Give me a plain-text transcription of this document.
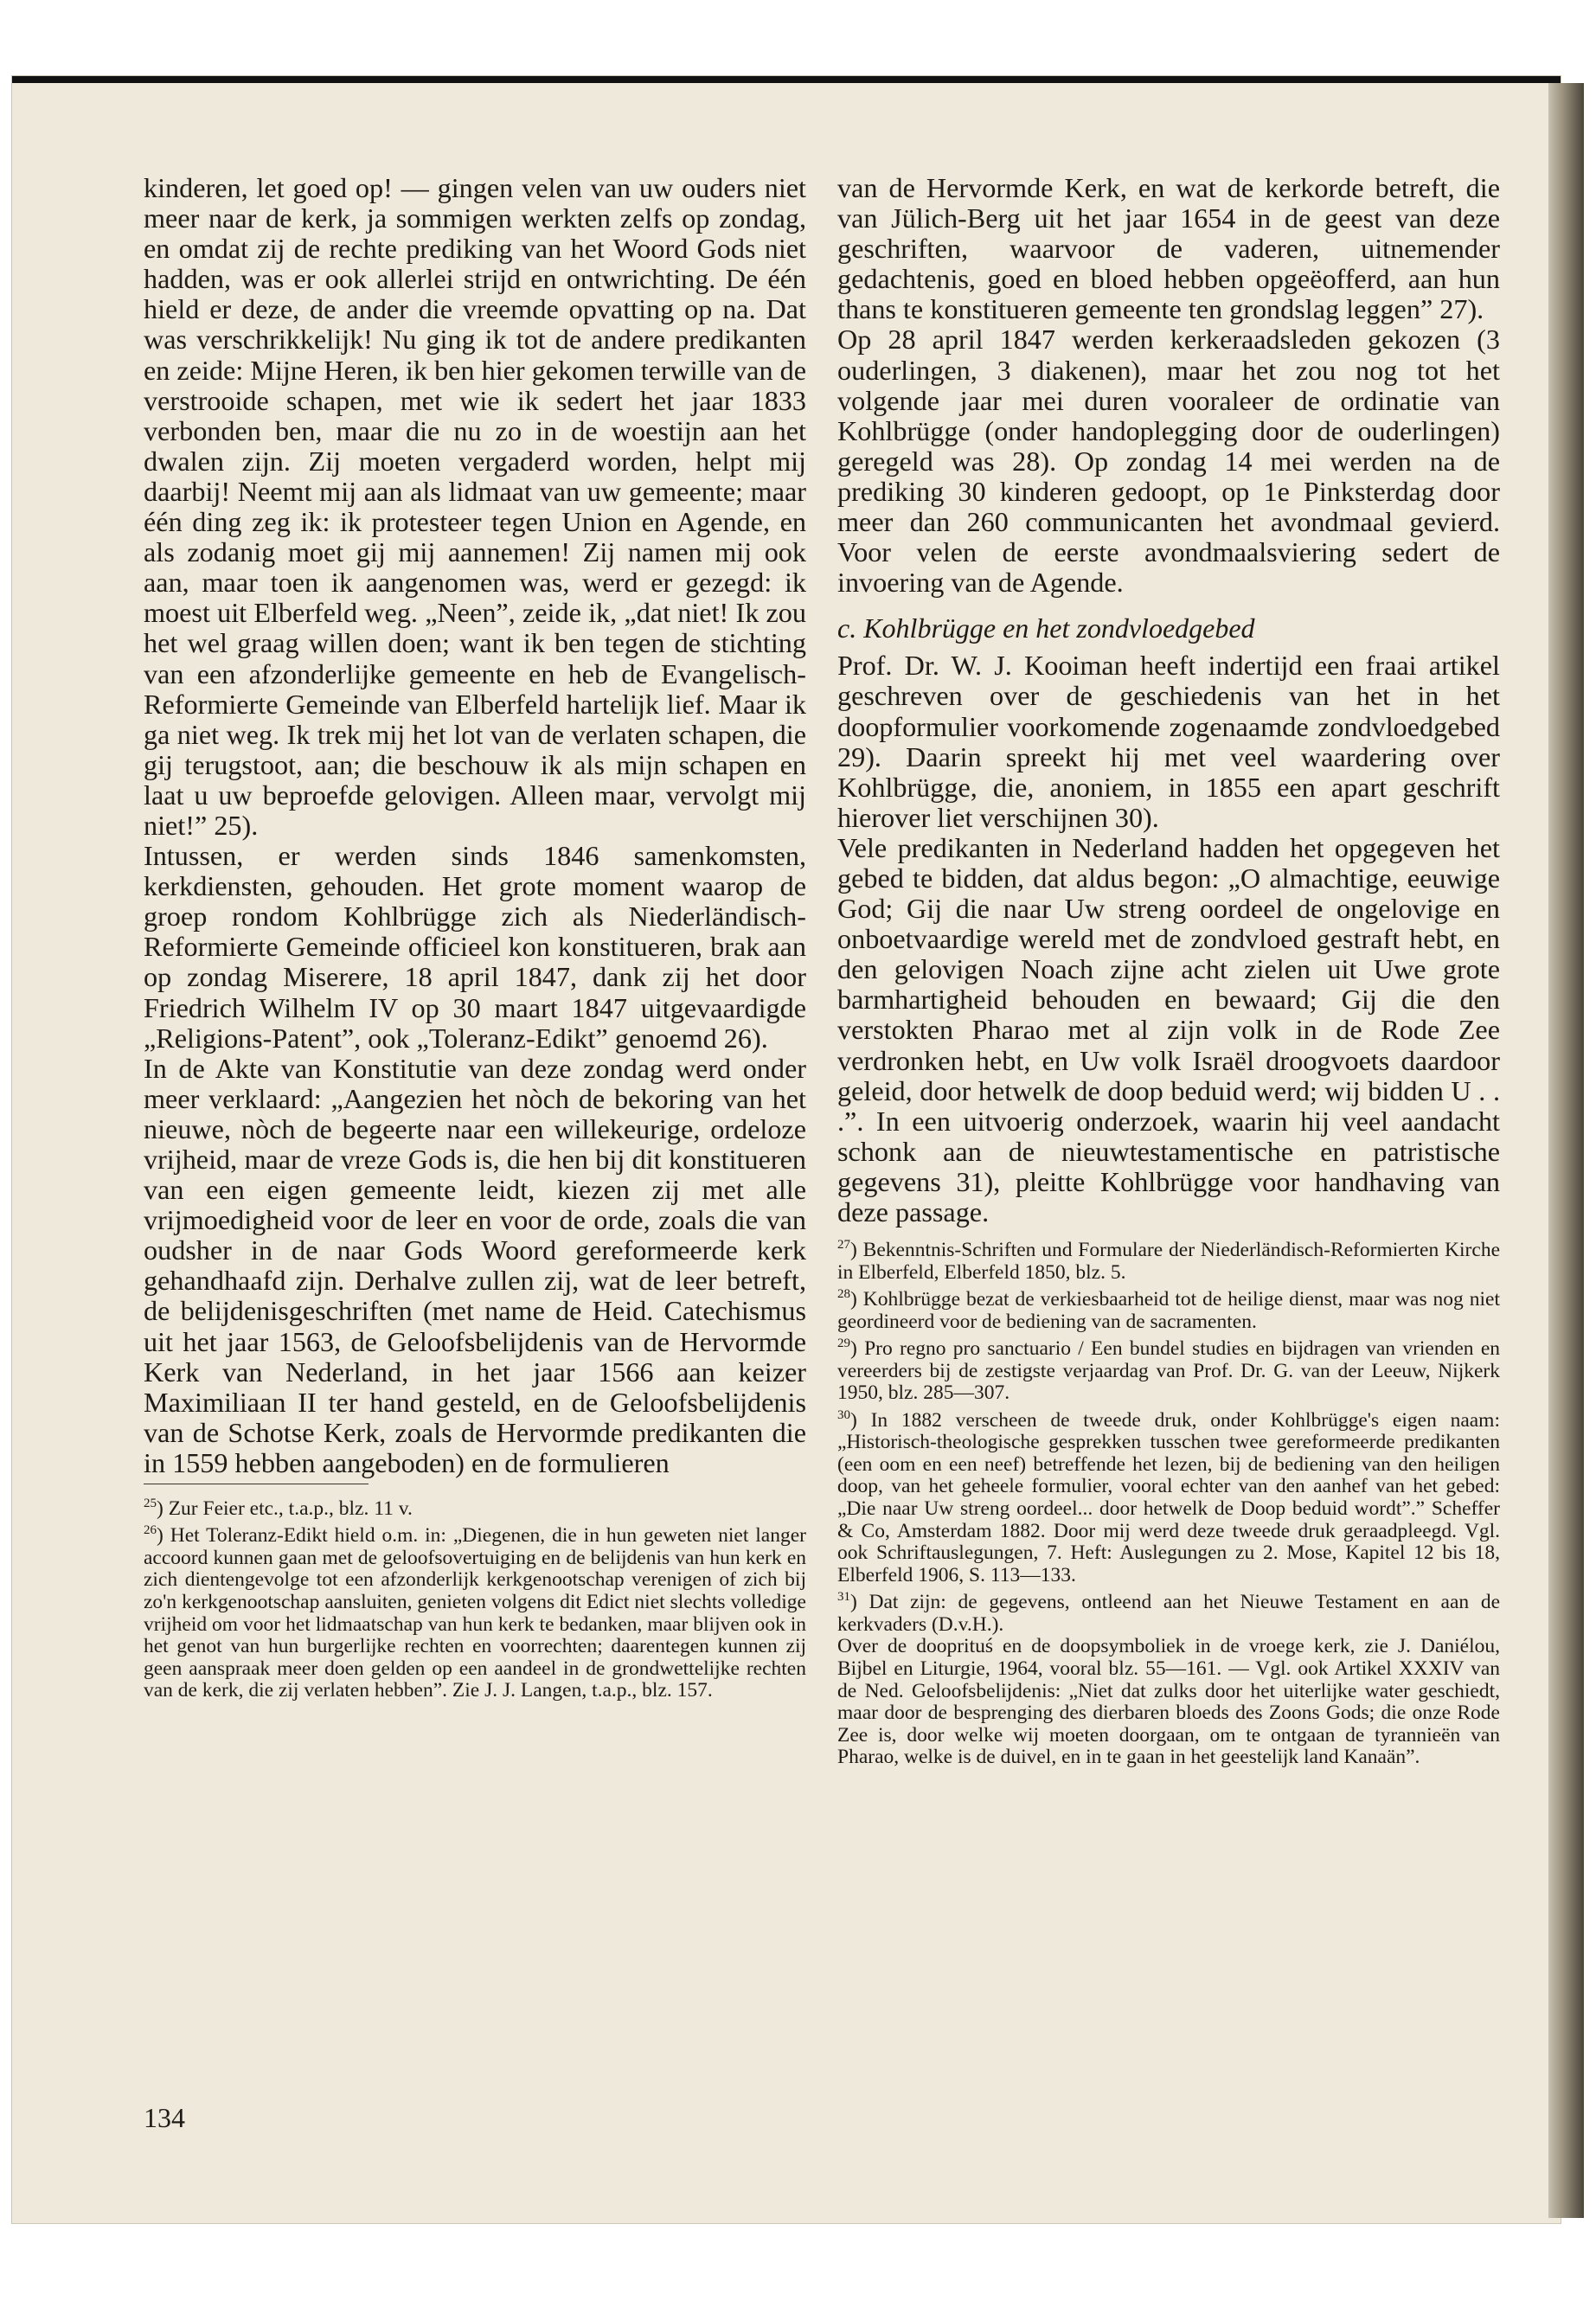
kinderen, let goed op! — gingen velen van uw ouders niet meer naar de kerk, ja sommigen werkten zelfs op zondag, en omdat zij de rechte prediking van het Woord Gods niet hadden, was er ook allerlei strijd en ontwrichting. De één hield er deze, de ander die vreemde opvatting op na. Dat was verschrikkelijk! Nu ging ik tot de andere predikanten en zeide: Mijne Heren, ik ben hier gekomen terwille van de verstrooide schapen, met wie ik sedert het jaar 1833 verbonden ben, maar die nu zo in de woestijn aan het dwalen zijn. Zij moeten vergaderd worden, helpt mij daarbij! Neemt mij aan als lidmaat van uw gemeente; maar één ding zeg ik: ik protesteer tegen Union en Agende, en als zodanig moet gij mij aannemen! Zij namen mij ook aan, maar toen ik aangenomen was, werd er gezegd: ik moest uit Elberfeld weg. „Neen”, zeide ik, „dat niet! Ik zou het wel graag willen doen; want ik ben tegen de stichting van een afzonderlijke gemeente en heb de Evangelisch-Reformierte Gemeinde van Elberfeld hartelijk lief. Maar ik ga niet weg. Ik trek mij het lot van de verlaten schapen, die gij terugstoot, aan; die beschouw ik als mijn schapen en laat u uw beproefde gelovigen. Alleen maar, vervolgt mij niet!” 25).

Intussen, er werden sinds 1846 samenkomsten, kerkdiensten, gehouden. Het grote moment waarop de groep rondom Kohlbrügge zich als Niederländisch-Reformierte Gemeinde officieel kon konstitueren, brak aan op zondag Miserere, 18 april 1847, dank zij het door Friedrich Wilhelm IV op 30 maart 1847 uitgevaardigde „Religions-Patent”, ook „Toleranz-Edikt” genoemd 26).

In de Akte van Konstitutie van deze zondag werd onder meer verklaard: „Aangezien het nòch de bekoring van het nieuwe, nòch de begeerte naar een willekeurige, ordeloze vrijheid, maar de vreze Gods is, die hen bij dit konstitueren van een eigen gemeente leidt, kiezen zij met alle vrijmoedigheid voor de leer en voor de orde, zoals die van oudsher in de naar Gods Woord gereformeerde kerk gehandhaafd zijn. Derhalve zullen zij, wat de leer betreft, de belijdenisgeschriften (met name de Heid. Catechismus uit het jaar 1563, de Geloofsbelijdenis van de Hervormde Kerk van Nederland, in het jaar 1566 aan keizer Maximiliaan II ter hand gesteld, en de Geloofsbelijdenis van de Schotse Kerk, zoals de Hervormde predikanten die in 1559 hebben aangeboden) en de formulieren

$^{25}$) Zur Feier etc., t.a.p., blz. 11 v.

$^{26}$) Het Toleranz-Edikt hield o.m. in: „Diegenen, die in hun geweten niet langer accoord kunnen gaan met de geloofsovertuiging en de belijdenis van hun kerk en zich dientengevolge tot een afzonderlijk kerkgenootschap verenigen of zich bij zo'n kerkgenootschap aansluiten, genieten volgens dit Edict niet slechts volledige vrijheid om voor het lidmaatschap van hun kerk te bedanken, maar blijven ook in het genot van hun burgerlijke rechten en voorrechten; daarentegen kunnen zij geen aanspraak meer doen gelden op een aandeel in de grondwettelijke rechten van de kerk, die zij verlaten hebben”. Zie J. J. Langen, t.a.p., blz. 157.

134

van de Hervormde Kerk, en wat de kerkorde betreft, die van Jülich-Berg uit het jaar 1654 in de geest van deze geschriften, waarvoor de vaderen, uitnemender gedachtenis, goed en bloed hebben opgeëofferd, aan hun thans te konstitueren gemeente ten grondslag leggen” 27).

Op 28 april 1847 werden kerkeraadsleden gekozen (3 ouderlingen, 3 diakenen), maar het zou nog tot het volgende jaar mei duren vooraleer de ordinatie van Kohlbrügge (onder handoplegging door de ouderlingen) geregeld was 28). Op zondag 14 mei werden na de prediking 30 kinderen gedoopt, op 1e Pinksterdag door meer dan 260 communicanten het avondmaal gevierd. Voor velen de eerste avondmaalsviering sedert de invoering van de Agende.

c. Kohlbrügge en het zondvloedgebed

Prof. Dr. W. J. Kooiman heeft indertijd een fraai artikel geschreven over de geschiedenis van het in het doopformulier voorkomende zogenaamde zondvloedgebed 29). Daarin spreekt hij met veel waardering over Kohlbrügge, die, anoniem, in 1855 een apart geschrift hierover liet verschijnen 30).

Vele predikanten in Nederland hadden het opgegeven het gebed te bidden, dat aldus begon: „O almachtige, eeuwige God; Gij die naar Uw streng oordeel de ongelovige en onboetvaardige wereld met de zondvloed gestraft hebt, en den gelovigen Noach zijne acht zielen uit Uwe grote barmhartigheid behouden en bewaard; Gij die den verstokten Pharao met al zijn volk in de Rode Zee verdronken hebt, en Uw volk Israël droogvoets daardoor geleid, door hetwelk de doop beduid werd; wij bidden U . . .”. In een uitvoerig onderzoek, waarin hij veel aandacht schonk aan de nieuwtestamentische en patristische gegevens 31), pleitte Kohlbrügge voor handhaving van deze passage.

$^{27}$) Bekenntnis-Schriften und Formulare der Niederländisch-Reformierten Kirche in Elberfeld, Elberfeld 1850, blz. 5.

$^{28}$) Kohlbrügge bezat de verkiesbaarheid tot de heilige dienst, maar was nog niet geordineerd voor de bediening van de sacramenten.

$^{29}$) Pro regno pro sanctuario / Een bundel studies en bijdragen van vrienden en vereerders bij de zestigste verjaardag van Prof. Dr. G. van der Leeuw, Nijkerk 1950, blz. 285—307.

$^{30}$) In 1882 verscheen de tweede druk, onder Kohlbrügge's eigen naam: „Historisch-theologische gesprekken tusschen twee gereformeerde predikanten (een oom en een neef) betreffende het lezen, bij de bediening van den heiligen doop, van het geheele formulier, vooral echter van den aanhef van het gebed: „Die naar Uw streng oordeel... door hetwelk de Doop beduid wordt”.” Scheffer & Co, Amsterdam 1882. Door mij werd deze tweede druk geraadpleegd. Vgl. ook Schriftauslegungen, 7. Heft: Auslegungen zu 2. Mose, Kapitel 12 bis 18, Elberfeld 1906, S. 113—133.

$^{31}$) Dat zijn: de gegevens, ontleend aan het Nieuwe Testament en aan de kerkvaders (D.v.H.).

Over de dooprituś en de doopsymboliek in de vroege kerk, zie J. Daniélou, Bijbel en Liturgie, 1964, vooral blz. 55—161. — Vgl. ook Artikel XXXIV van de Ned. Geloofsbelijdenis: „Niet dat zulks door het uiterlijke water geschiedt, maar door de besprenging des dierbaren bloeds des Zoons Gods; die onze Rode Zee is, door welke wij moeten doorgaan, om te ontgaan de tyrannieën van Pharao, welke is de duivel, en in te gaan in het geestelijk land Kanaän”.
